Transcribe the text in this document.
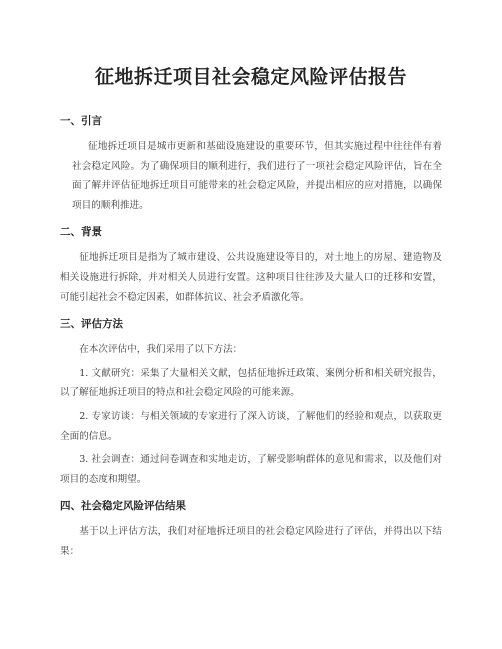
征地拆迁项目社会稳定风险评估报告
一、引言

征地拆迁项目是城市更新和基础设施建设的重要环节，但其实施过程中往往伴有着社会稳定风险。为了确保项目的顺利进行，我们进行了一项社会稳定风险评估，旨在全面了解并评估征地拆迁项目可能带来的社会稳定风险，并提出相应的应对措施，以确保项目的顺利推进。

二、背景

征地拆迁项目是指为了城市建设、公共设施建设等目的，对土地上的房屋、建造物及相关设施进行拆除，并对相关人员进行安置。这种项目往往涉及大量人口的迁移和安置，可能引起社会不稳定因素，如群体抗议、社会矛盾激化等。

三、评估方法

在本次评估中，我们采用了以下方法：

1. 文献研究：采集了大量相关文献，包括征地拆迁政策、案例分析和相关研究报告，以了解征地拆迁项目的特点和社会稳定风险的可能来源。

2. 专家访谈：与相关领域的专家进行了深入访谈，了解他们的经验和观点，以获取更全面的信息。

3. 社会调查：通过问卷调查和实地走访，了解受影响群体的意见和需求，以及他们对项目的态度和期望。

四、社会稳定风险评估结果

基于以上评估方法，我们对征地拆迁项目的社会稳定风险进行了评估，并得出以下结果：
